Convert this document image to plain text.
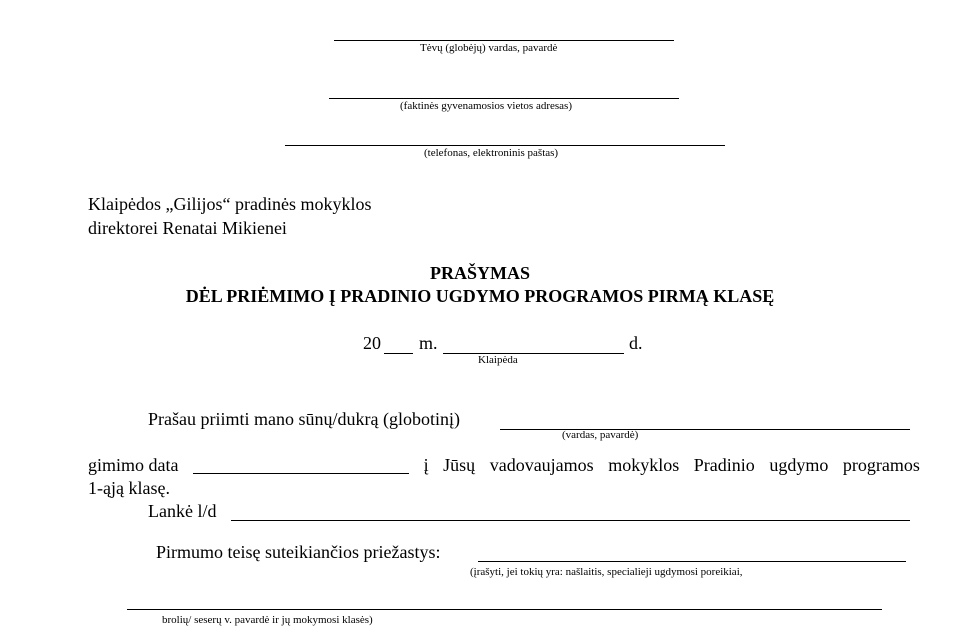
Tėvų (globėjų) vardas, pavardė
(faktinės gyvenamosios vietos adresas)
(telefonas, elektroninis paštas)
Klaipėdos „Gilijos“ pradinės mokyklos
direktorei Renatai Mikienei
PRAŠYMAS
DĖL PRIĖMIMO Į PRADINIO UGDYMO PROGRAMOS PIRMĄ KLASĘ
20 m.	d.
Klaipėda
Prašau priimti mano sūnų/dukrą (globotinį)
(vardas, pavardė)
gimimo data	į Jūsų vadovaujamos mokyklos Pradinio ugdymo programos
1-ąją klasę.
Lankė l/d
Pirmumo teisę suteikiančios priežastys:
(įrašyti, jei tokių yra: našlaitis, specialieji ugdymosi poreikiai,
brolių/ seserų v. pavardė ir jų mokymosi klasės)
